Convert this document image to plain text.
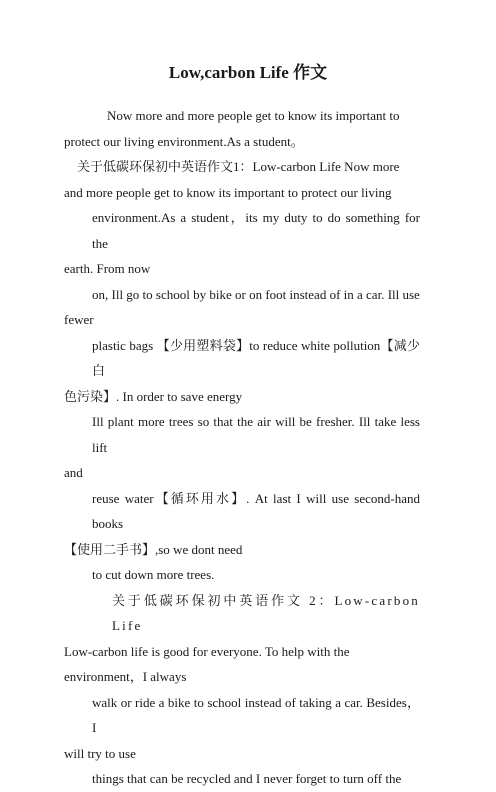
Low,carbon Life 作文

Now more and more people get to know its important to

protect our living environment.As a student。

关于低碳环保初中英语作文1：Low-carbon Life Now more

and more people get to know its important to protect our living

environment.As a student，its my duty to do something for the

earth. From now

on, Ill go to school by bike or on foot instead of in a car. Ill use

fewer

plastic bags 【少用塑料袋】to reduce white pollution【减少白

色污染】. In order to save energy

Ill plant more trees so that the air will be fresher. Ill take less lift

and

reuse water【循环用水】. At last I will use second-hand books

【使用二手书】,so we dont need

to cut down more trees.

关于低碳环保初中英语作文 2：Low-carbon Life

Low-carbon life is good for everyone. To help with the

environment，I always

walk or ride a bike to school instead of taking a car. Besides，I

will try to use

things that can be recycled and I never forget to turn off the
